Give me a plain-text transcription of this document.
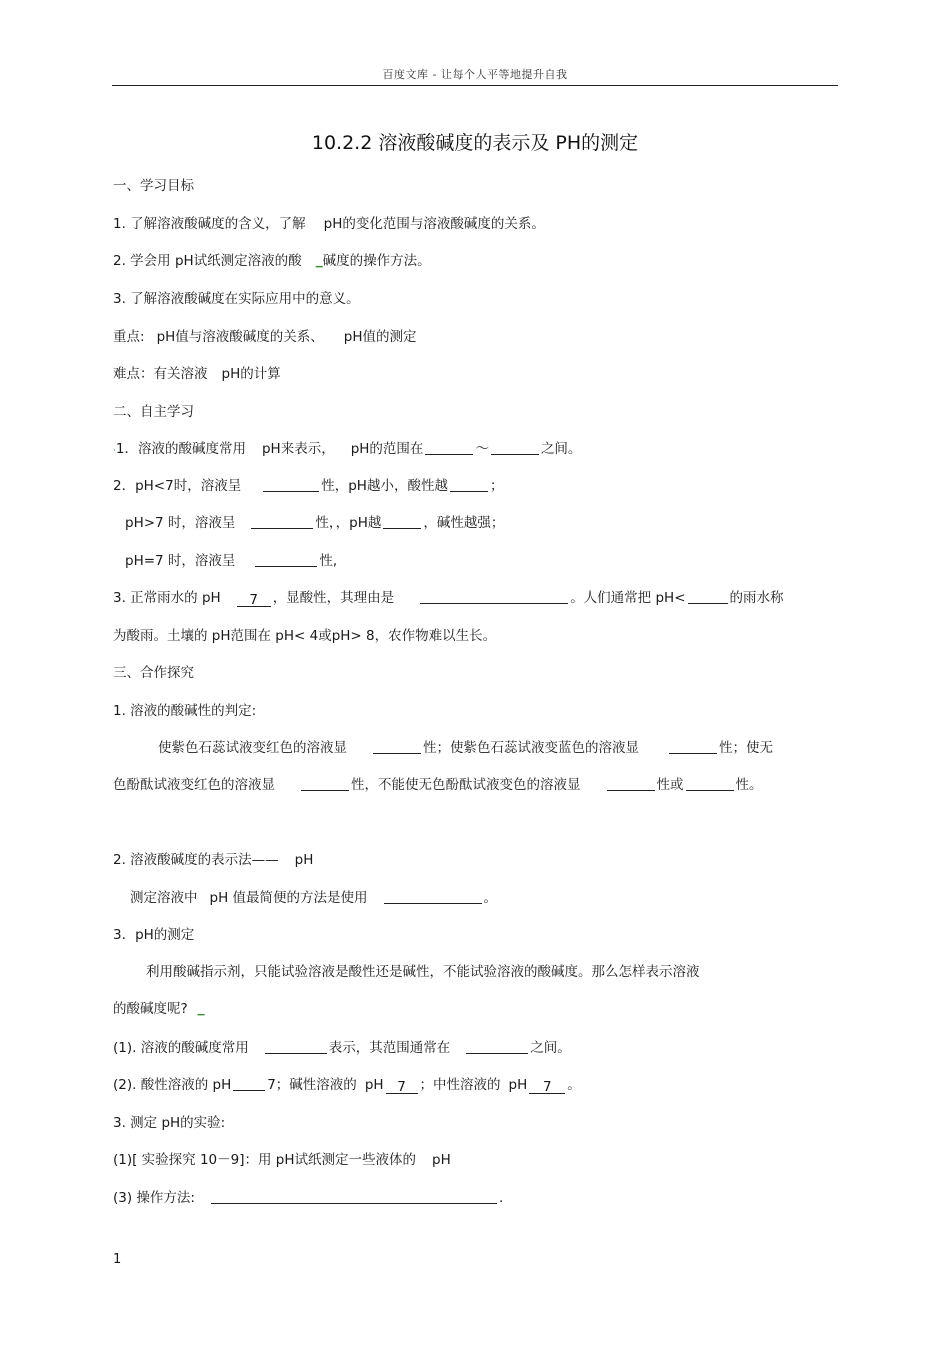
百度文库 - 让每个人平等地提升自我
10.2.2 溶液酸碱度的表示及 PH的测定
一、学习目标
1. 了解溶液酸碱度的含义，了解 pH的变化范围与溶液酸碱度的关系。
2. 学会用 pH试纸测定溶液的酸 ▁碱度的操作方法。
3. 了解溶液酸碱度在实际应用中的意义。
重点: pH值与溶液酸碱度的关系、 pH值的测定
难点：有关溶液 pH的计算
二、自主学习
·1．溶液的酸碱度常用 pH来表示， pH的范围在	～	之间。
2．pH<7时，溶液呈	性，pH越小，酸性越	；
pH>7 时，溶液呈	性，，pH越	，碱性越强；
pH=7 时，溶液呈	性,
3. 正常雨水的 pH 7 ，显酸性，其理由是	。人们通常把 pH<	的雨水称
为酸雨。土壤的 pH范围在 pH< 4或pH> 8，农作物难以生长。
三、合作探究
1. 溶液的酸碱性的判定:
使紫色石蕊试液变红色的溶液显	性；使紫色石蕊试液变蓝色的溶液显	性；使无
色酚酞试液变红色的溶液显	性，不能使无色酚酞试液变色的溶液显	性或	性。
2. 溶液酸碱度的表示法—— pH
测定溶液中 pH 值最简便的方法是使用	。
3．pH的测定
利用酸碱指示剂，只能试验溶液是酸性还是碱性，不能试验溶液的酸碱度。那么怎样表示溶液
的酸碱度呢? ▁
(1). 溶液的酸碱度常用	表示，其范围通常在	之间。
(2). 酸性溶液的 pH	7；碱性溶液的 pH 7 ；中性溶液的 pH 7 。
3. 测定 pH的实验:
(1)[ 实验探究 10－9]：用 pH试纸测定一些液体的 pH
(3) 操作方法:	.
1
